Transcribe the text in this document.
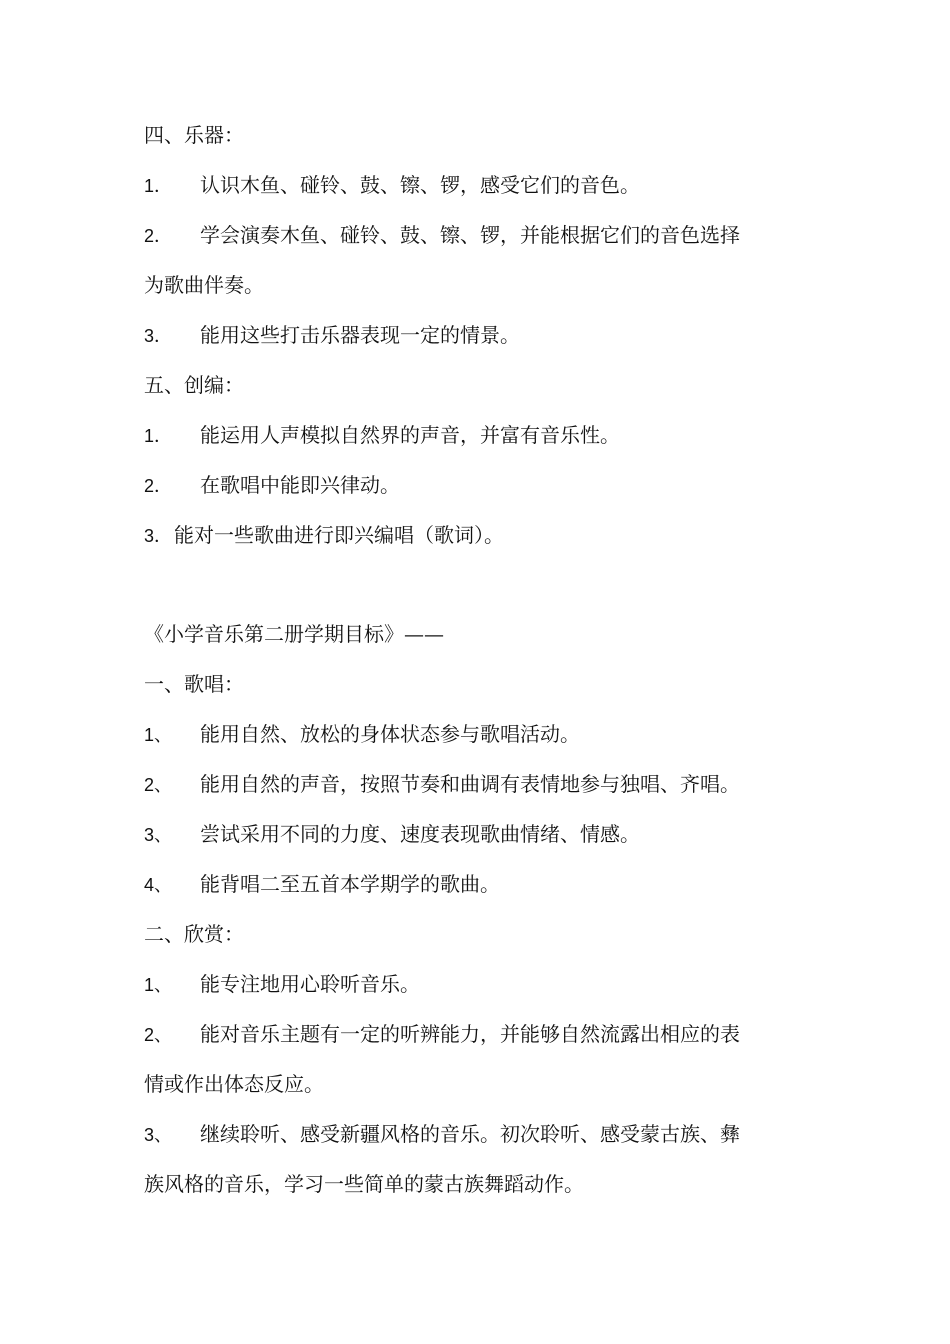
四、乐器：
1． 认识木鱼、碰铃、鼓、镲、锣，感受它们的音色。
2． 学会演奏木鱼、碰铃、鼓、镲、锣，并能根据它们的音色选择
为歌曲伴奏。
3． 能用这些打击乐器表现一定的情景。
五、创编：
1． 能运用人声模拟自然界的声音，并富有音乐性。
2． 在歌唱中能即兴律动。
3． 能对一些歌曲进行即兴编唱（歌词）。
《小学音乐第二册学期目标》——
一、歌唱：
1、 能用自然、放松的身体状态参与歌唱活动。
2、 能用自然的声音，按照节奏和曲调有表情地参与独唱、齐唱。
3、 尝试采用不同的力度、速度表现歌曲情绪、情感。
4、 能背唱二至五首本学期学的歌曲。
二、欣赏：
1、 能专注地用心聆听音乐。
2、 能对音乐主题有一定的听辨能力，并能够自然流露出相应的表
情或作出体态反应。
3、 继续聆听、感受新疆风格的音乐。初次聆听、感受蒙古族、彝
族风格的音乐，学习一些简单的蒙古族舞蹈动作。
